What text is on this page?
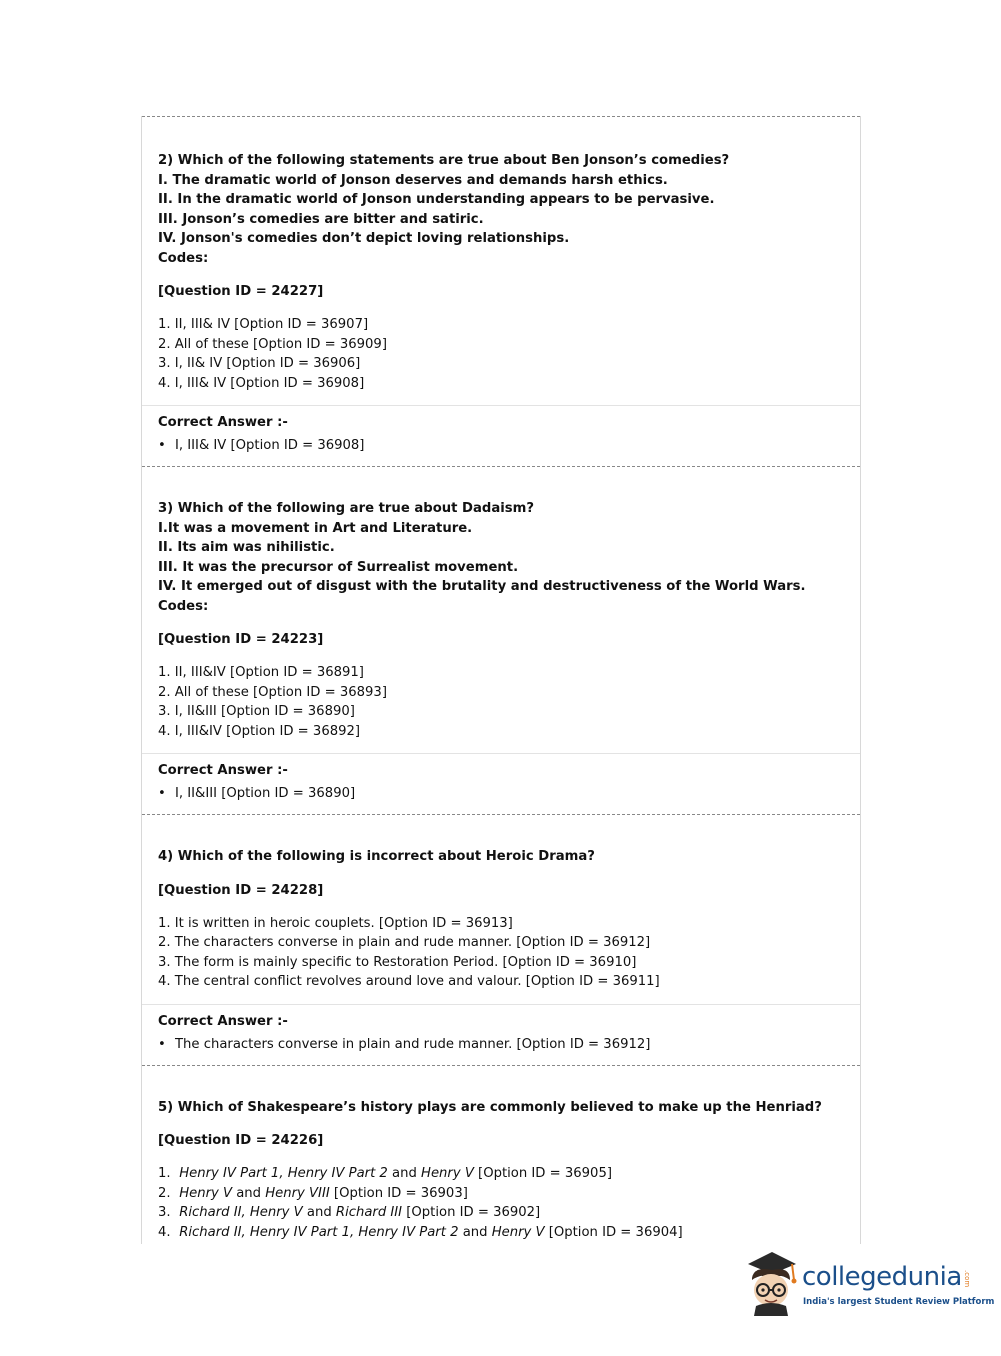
2) Which of the following statements are true about Ben Jonson’s comedies?
I. The dramatic world of Jonson deserves and demands harsh ethics.
II. In the dramatic world of Jonson understanding appears to be pervasive.
III. Jonson’s comedies are bitter and satiric.
IV. Jonson's comedies don’t depict loving relationships.
Codes:
[Question ID = 24227]
1. II, III& IV [Option ID = 36907]
2. All of these [Option ID = 36909]
3. I, II& IV [Option ID = 36906]
4. I, III& IV [Option ID = 36908]
Correct Answer :-
• I, III& IV [Option ID = 36908]
3) Which of the following are true about Dadaism?
I.It was a movement in Art and Literature.
II. Its aim was nihilistic.
III. It was the precursor of Surrealist movement.
IV. It emerged out of disgust with the brutality and destructiveness of the World Wars.
Codes:
[Question ID = 24223]
1. II, III&IV [Option ID = 36891]
2. All of these [Option ID = 36893]
3. I, II&III [Option ID = 36890]
4. I, III&IV [Option ID = 36892]
Correct Answer :-
• I, II&III [Option ID = 36890]
4) Which of the following is incorrect about Heroic Drama?
[Question ID = 24228]
1. It is written in heroic couplets. [Option ID = 36913]
2. The characters converse in plain and rude manner. [Option ID = 36912]
3. The form is mainly specific to Restoration Period. [Option ID = 36910]
4. The central conflict revolves around love and valour. [Option ID = 36911]
Correct Answer :-
• The characters converse in plain and rude manner. [Option ID = 36912]
5) Which of Shakespeare’s history plays are commonly believed to make up the Henriad?
[Question ID = 24226]
1. Henry IV Part 1, Henry IV Part 2 and Henry V [Option ID = 36905]
2. Henry V and Henry VIII [Option ID = 36903]
3. Richard II, Henry V and Richard III [Option ID = 36902]
4. Richard II, Henry IV Part 1, Henry IV Part 2 and Henry V [Option ID = 36904]
collegedunia .com
India's largest Student Review Platform
